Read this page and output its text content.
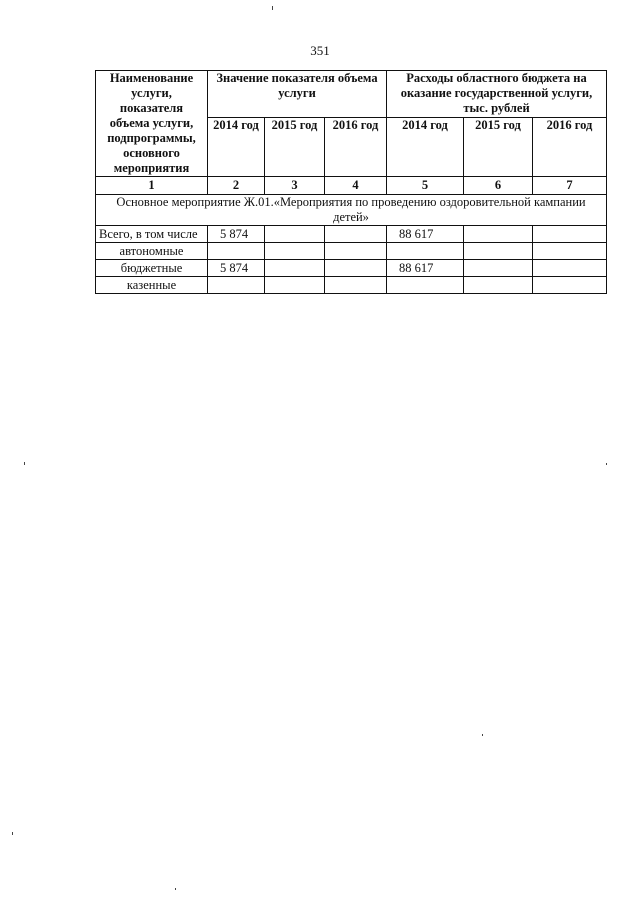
351
Наименование услуги, показателя объема услуги, подпрограммы, основного мероприятия	Значение показателя объема услуги			Расходы областного бюджета на оказание государственной услуги, тыс. рублей		
	2014 год	2015 год	2016 год	2014 год	2015 год	2016 год
1	2	3	4	5	6	7
Основное мероприятие Ж.01.«Мероприятия по проведению оздоровительной кампании детей»						
Всего, в том числе	5 874			88 617		
автономные						
бюджетные	5 874			88 617		
казенные						
